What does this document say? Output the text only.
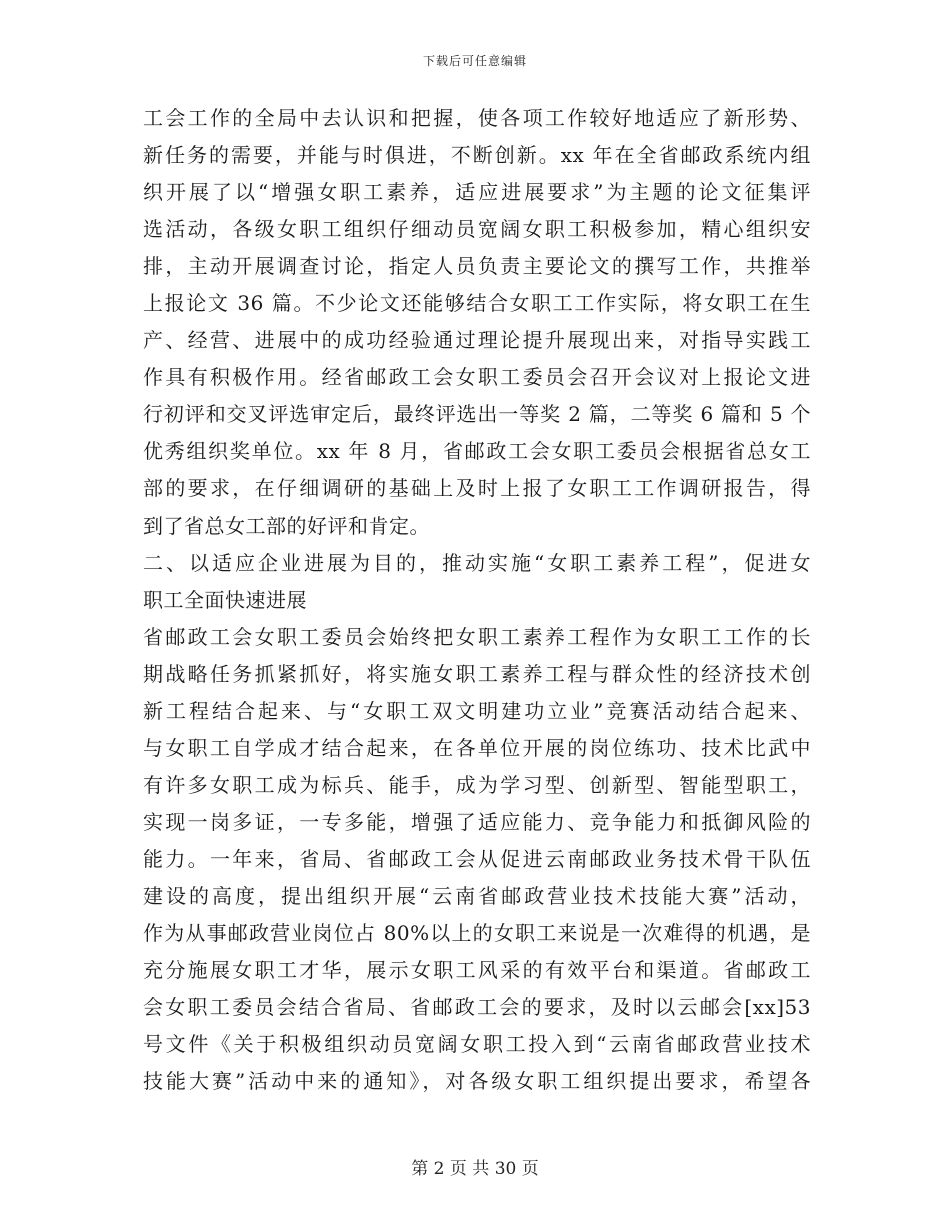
下载后可任意编辑
工会工作的全局中去认识和把握，使各项工作较好地适应了新形势、
新任务的需要，并能与时俱进，不断创新。xx 年在全省邮政系统内组
织开展了以“增强女职工素养，适应进展要求”为主题的论文征集评
选活动，各级女职工组织仔细动员宽阔女职工积极参加，精心组织安
排，主动开展调查讨论，指定人员负责主要论文的撰写工作，共推举
上报论文 36 篇。不少论文还能够结合女职工工作实际，将女职工在生
产、经营、进展中的成功经验通过理论提升展现出来，对指导实践工
作具有积极作用。经省邮政工会女职工委员会召开会议对上报论文进
行初评和交叉评选审定后，最终评选出一等奖 2 篇，二等奖 6 篇和 5 个
优秀组织奖单位。xx 年 8 月，省邮政工会女职工委员会根据省总女工
部的要求，在仔细调研的基础上及时上报了女职工工作调研报告，得
到了省总女工部的好评和肯定。
二、以适应企业进展为目的，推动实施“女职工素养工程”，促进女
职工全面快速进展
省邮政工会女职工委员会始终把女职工素养工程作为女职工工作的长
期战略任务抓紧抓好，将实施女职工素养工程与群众性的经济技术创
新工程结合起来、与“女职工双文明建功立业”竞赛活动结合起来、
与女职工自学成才结合起来，在各单位开展的岗位练功、技术比武中
有许多女职工成为标兵、能手，成为学习型、创新型、智能型职工，
实现一岗多证，一专多能，增强了适应能力、竞争能力和抵御风险的
能力。一年来，省局、省邮政工会从促进云南邮政业务技术骨干队伍
建设的高度，提出组织开展“云南省邮政营业技术技能大赛”活动，
作为从事邮政营业岗位占 80%以上的女职工来说是一次难得的机遇，是
充分施展女职工才华，展示女职工风采的有效平台和渠道。省邮政工
会女职工委员会结合省局、省邮政工会的要求，及时以云邮会[xx]53
号文件《关于积极组织动员宽阔女职工投入到“云南省邮政营业技术
技能大赛”活动中来的通知》，对各级女职工组织提出要求，希望各
第 2 页 共 30 页
